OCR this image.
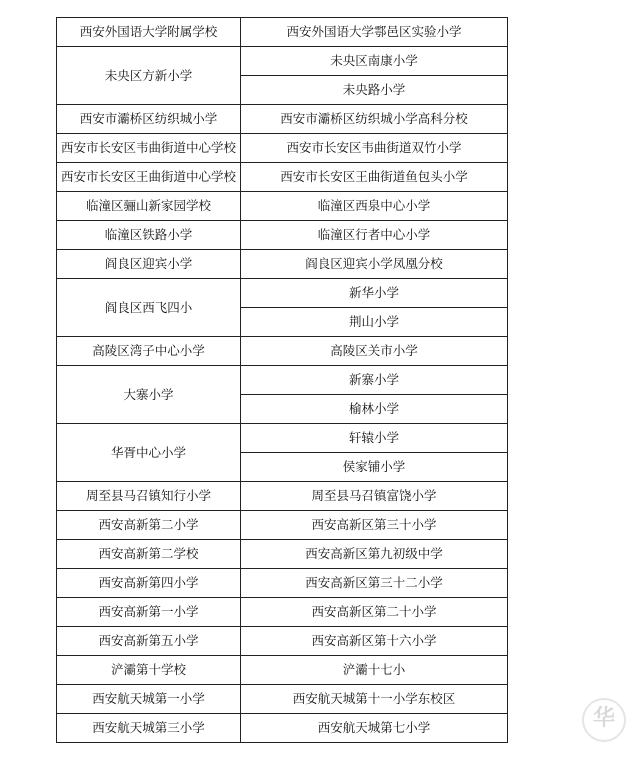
西安外国语大学附属学校	西安外国语大学鄠邑区实验小学
未央区方新小学	未央区南康小学
	未央路小学
西安市灞桥区纺织城小学	西安市灞桥区纺织城小学高科分校
西安市长安区韦曲街道中心学校	西安市长安区韦曲街道双竹小学
西安市长安区王曲街道中心学校	西安市长安区王曲街道鱼包头小学
临潼区骊山新家园学校	临潼区西泉中心小学
临潼区铁路小学	临潼区行者中心小学
阎良区迎宾小学	阎良区迎宾小学凤凰分校
阎良区西飞四小	新华小学
	荆山小学
高陵区湾子中心小学	高陵区关市小学
大寨小学	新寨小学
	榆林小学
华胥中心小学	轩辕小学
	侯家铺小学
周至县马召镇知行小学	周至县马召镇富饶小学
西安高新第二小学	西安高新区第三十小学
西安高新第二学校	西安高新区第九初级中学
西安高新第四小学	西安高新区第三十二小学
西安高新第一小学	西安高新区第二十小学
西安高新第五小学	西安高新区第十六小学
浐灞第十学校	浐灞十七小
西安航天城第一小学	西安航天城第十一小学东校区
西安航天城第三小学	西安航天城第七小学	华
